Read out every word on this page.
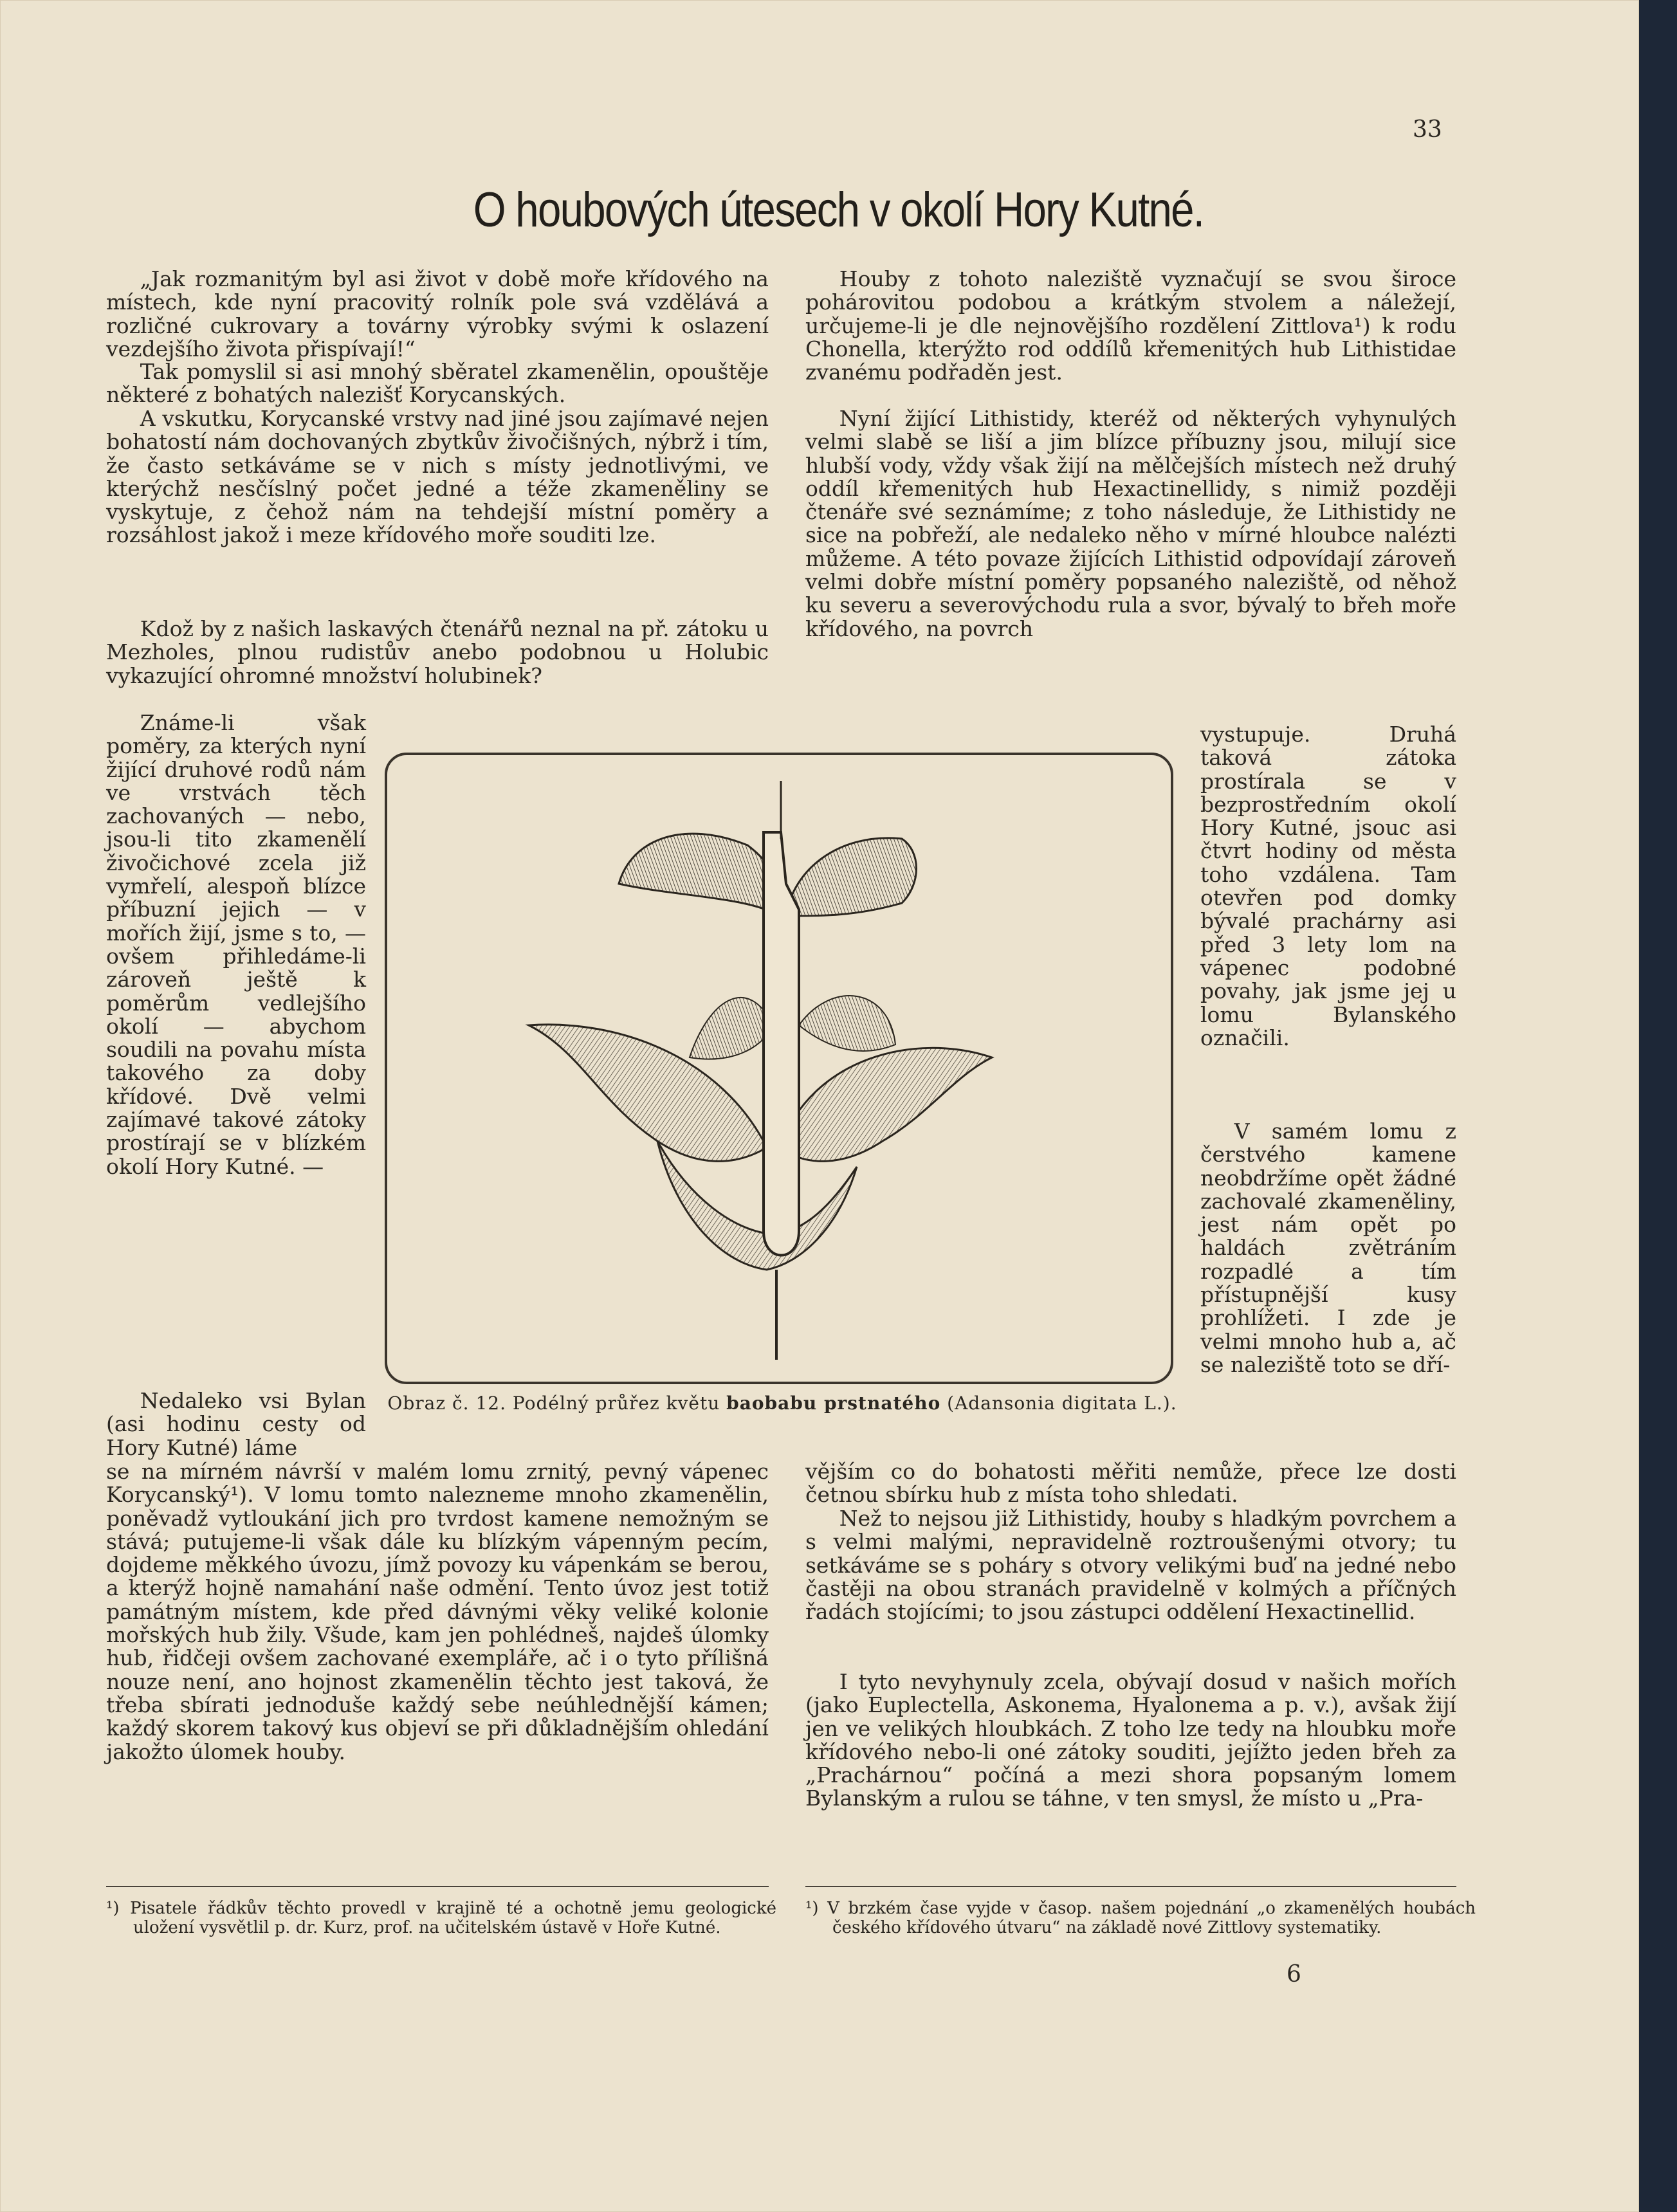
33
O houbových útesech v okolí Hory Kutné.

„Jak rozmanitým byl asi život v době moře křídového na místech, kde nyní pracovitý rolník pole svá vzdělává a rozličné cukrovary a továrny výrobky svými k oslazení vezdejšího života přispívají!“

Tak pomyslil si asi mnohý sběratel zkamenělin, opouštěje některé z bohatých nalezišť Korycanských.

A vskutku, Korycanské vrstvy nad jiné jsou zajímavé nejen bohatostí nám dochovaných zbytkův živočišných, nýbrž i tím, že často setkáváme se v nich s místy jednotlivými, ve kterýchž nesčíslný počet jedné a téže zkameněliny se vyskytuje, z čehož nám na tehdejší místní poměry a rozsáhlost jakož i meze křídového moře souditi lze.

Kdož by z našich laskavých čtenářů neznal na př. zátoku u Mezholes, plnou rudistův anebo podobnou u Holubic vykazující ohromné množství holubinek?

Známe-li však poměry, za kterých nyní žijící druhové rodů nám ve vrstvách těch zachovaných — nebo, jsou-li tito zkamenělí živočichové zcela již vymřelí, alespoň blízce příbuzní jejich — v mořích žijí, jsme s to, — ovšem přihledáme-li zároveň ještě k poměrům vedlejšího okolí — abychom soudili na povahu místa takového za doby křídové. Dvě velmi zajímavé takové zátoky prostírají se v blízkém okolí Hory Kutné. —

Nedaleko vsi Bylan (asi hodinu cesty od Hory Kutné) láme

se na mírném návrší v malém lomu zrnitý, pevný vápenec Korycanský¹). V lomu tomto nalezneme mnoho zkamenělin, poněvadž vytloukání jich pro tvrdost kamene nemožným se stává; putujeme-li však dále ku blízkým vápenným pecím, dojdeme měkkého úvozu, jímž povozy ku vápenkám se berou, a kterýž hojně namahání naše odmění. Tento úvoz jest totiž památným místem, kde před dávnými věky veliké kolonie mořských hub žily. Všude, kam jen pohlédneš, najdeš úlomky hub, řidčeji ovšem zachované exempláře, ač i o tyto přílišná nouze není, ano hojnost zkamenělin těchto jest taková, že třeba sbírati jednoduše každý sebe neúhlednější kámen; každý skorem takový kus objeví se při důkladnějším ohledání jakožto úlomek houby.

Houby z tohoto naleziště vyznačují se svou široce pohárovitou podobou a krátkým stvolem a náležejí, určujeme-li je dle nejnovějšího rozdělení Zittlova¹) k rodu Chonella, kterýžto rod oddílů křemenitých hub Lithistidae zvanému podřaděn jest.

Nyní žijící Lithistidy, kteréž od některých vyhynulých velmi slabě se liší a jim blízce příbuzny jsou, milují sice hlubší vody, vždy však žijí na mělčejších místech než druhý oddíl křemenitých hub Hexactinellidy, s nimiž později čtenáře své seznámíme; z toho následuje, že Lithistidy ne sice na pobřeží, ale nedaleko něho v mírné hloubce nalézti můžeme. A této povaze žijících Lithistid odpovídají zároveň velmi dobře místní poměry popsaného naleziště, od něhož ku severu a severovýchodu rula a svor, bývalý to břeh moře křídového, na povrch

vystupuje. Druhá taková zátoka prostírala se v bezprostředním okolí Hory Kutné, jsouc asi čtvrt hodiny od města toho vzdálena. Tam otevřen pod domky bývalé prachárny asi před 3 lety lom na vápenec podobné povahy, jak jsme jej u lomu Bylanského označili.

V samém lomu z čerstvého kamene neobdržíme opět žádné zachovalé zkameněliny, jest nám opět po haldách zvětráním rozpadlé a tím přístupnější kusy prohlížeti. I zde je velmi mnoho hub a, ač se naleziště toto se dří-

vějším co do bohatosti měřiti nemůže, přece lze dosti četnou sbírku hub z místa toho shledati.

Než to nejsou již Lithistidy, houby s hladkým povrchem a s velmi malými, nepravidelně roztroušenými otvory; tu setkáváme se s poháry s otvory velikými buď na jedné nebo častěji na obou stranách pravidelně v kolmých a příčných řadách stojícími; to jsou zástupci oddělení Hexactinellid.

I tyto nevyhynuly zcela, obývají dosud v našich mořích (jako Euplectella, Askonema, Hyalonema a p. v.), avšak žijí jen ve velikých hloubkách. Z toho lze tedy na hloubku moře křídového nebo-li oné zátoky souditi, jejížto jeden břeh za „Prachárnou“ počíná a mezi shora popsaným lomem Bylanským a rulou se táhne, v ten smysl, že místo u „Pra-

Obraz č. 12. Podélný průřez květu baobabu prstnatého (Adansonia digitata L.).

¹) Pisatele řádkův těchto provedl v krajině té a ochotně jemu geologické uložení vysvětlil p. dr. Kurz, prof. na učitelském ústavě v Hoře Kutné.

¹) V brzkém čase vyjde v časop. našem pojednání „o zkamenělých houbách českého křídového útvaru“ na základě nové Zittlovy systematiky.

6
